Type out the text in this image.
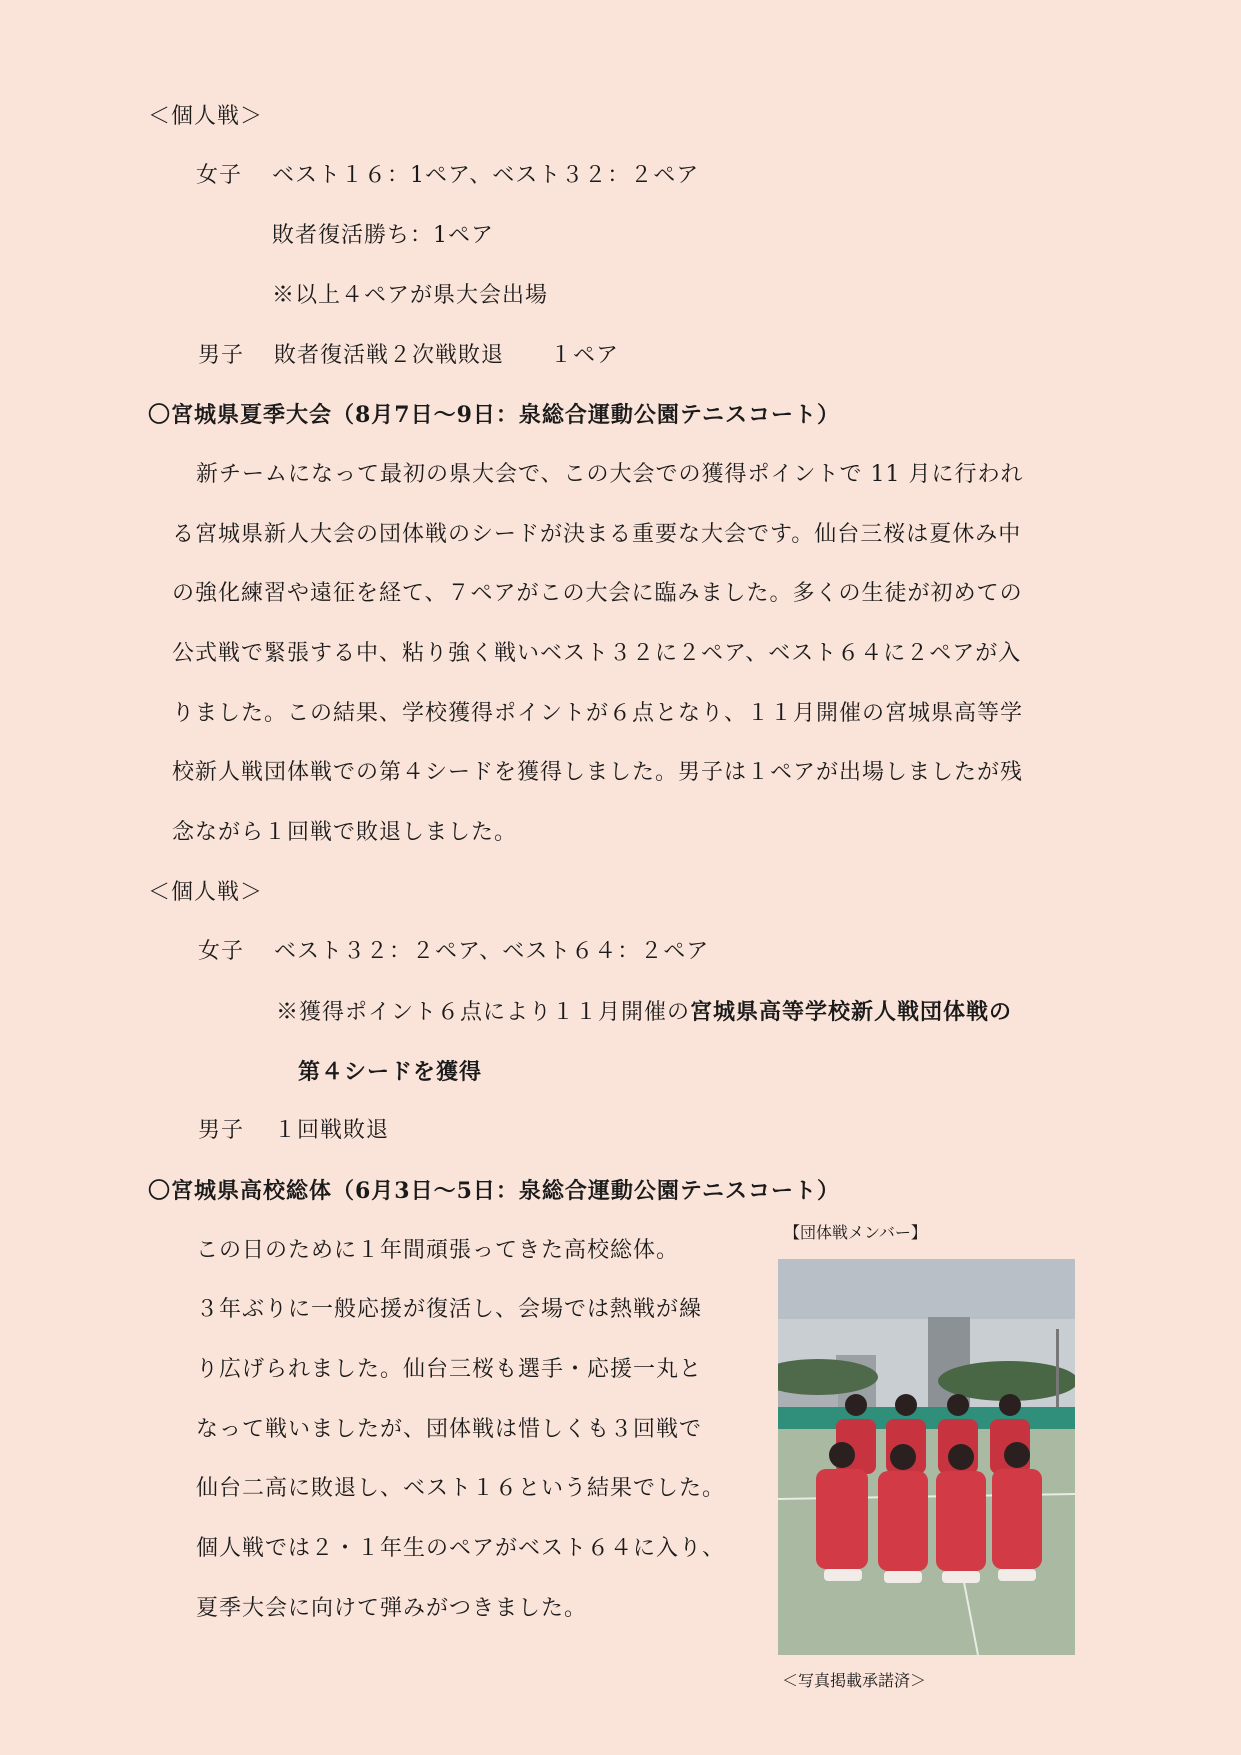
＜個人戦＞
女子 ベスト１６：1ペア、ベスト３２：２ペア
敗者復活勝ち：1ペア
※以上４ペアが県大会出場
男子 敗者復活戦２次戦敗退　　１ペア
〇宮城県夏季大会（8月7日〜9日：泉総合運動公園テニスコート）
新チームになって最初の県大会で、この大会での獲得ポイントで 11 月に行われ
る宮城県新人大会の団体戦のシードが決まる重要な大会です。仙台三桜は夏休み中
の強化練習や遠征を経て、７ペアがこの大会に臨みました。多くの生徒が初めての
公式戦で緊張する中、粘り強く戦いベスト３２に２ペア、ベスト６４に２ペアが入
りました。この結果、学校獲得ポイントが６点となり、１１月開催の宮城県高等学
校新人戦団体戦での第４シードを獲得しました。男子は１ペアが出場しましたが残
念ながら１回戦で敗退しました。
＜個人戦＞
女子 ベスト３２：２ペア、ベスト６４：２ペア
※獲得ポイント６点により１１月開催の宮城県高等学校新人戦団体戦の
第４シードを獲得
男子 １回戦敗退
〇宮城県高校総体（6月3日〜5日：泉総合運動公園テニスコート）
この日のために１年間頑張ってきた高校総体。
３年ぶりに一般応援が復活し、会場では熱戦が繰
り広げられました。仙台三桜も選手・応援一丸と
なって戦いましたが、団体戦は惜しくも３回戦で
仙台二高に敗退し、ベスト１６という結果でした。
個人戦では２・１年生のペアがベスト６４に入り、
夏季大会に向けて弾みがつきました。
【団体戦メンバー】
＜写真掲載承諾済＞
